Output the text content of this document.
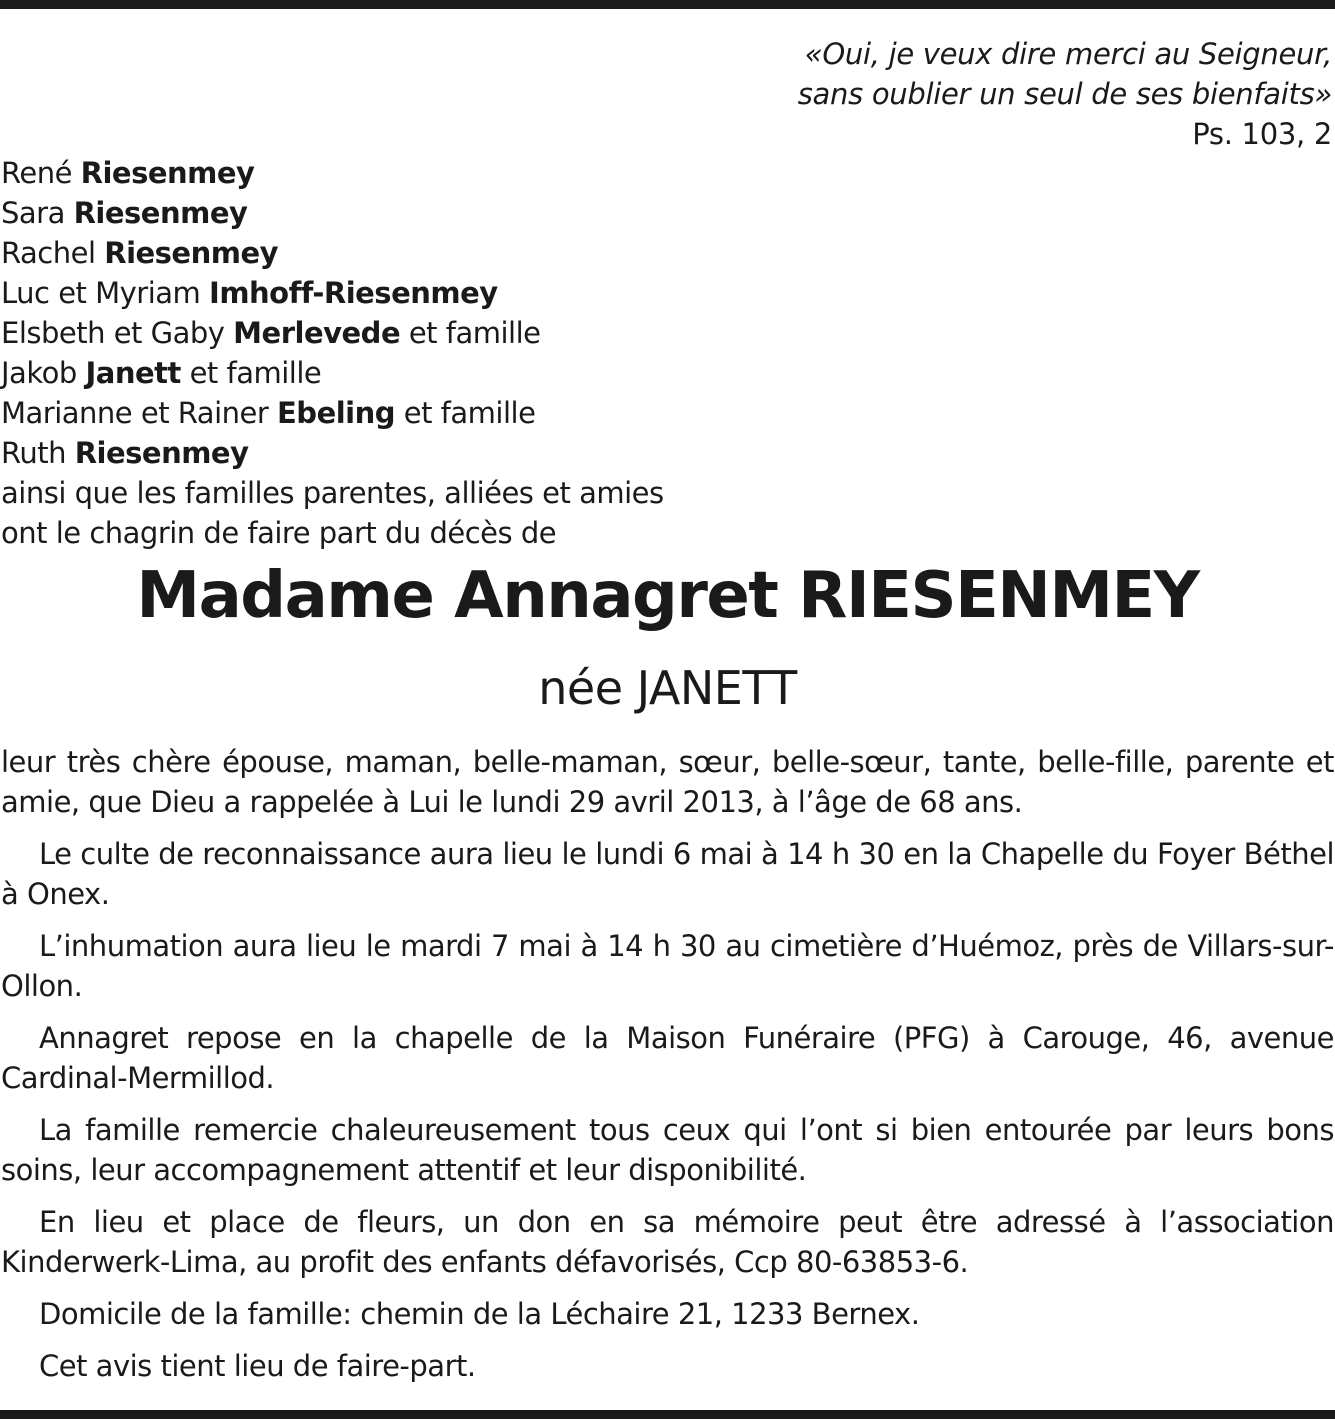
«Oui, je veux dire merci au Seigneur,
sans oublier un seul de ses bienfaits»
Ps. 103, 2
René Riesenmey
Sara Riesenmey
Rachel Riesenmey
Luc et Myriam Imhoff-Riesenmey
Elsbeth et Gaby Merlevede et famille
Jakob Janett et famille
Marianne et Rainer Ebeling et famille
Ruth Riesenmey
ainsi que les familles parentes, alliées et amies
ont le chagrin de faire part du décès de
Madame Annagret RIESENMEY
née JANETT

leur très chère épouse, maman, belle-maman, sœur, belle-sœur, tante, belle-fille, parente et amie, que Dieu a rappelée à Lui le lundi 29 avril 2013, à l’âge de 68 ans.

Le culte de reconnaissance aura lieu le lundi 6 mai à 14 h 30 en la Chapelle du Foyer Béthel à Onex.

L’inhumation aura lieu le mardi 7 mai à 14 h 30 au cimetière d’Huémoz, près de Villars-sur-Ollon.

Annagret repose en la chapelle de la Maison Funéraire (PFG) à Carouge, 46, avenue Cardinal-Mermillod.

La famille remercie chaleureusement tous ceux qui l’ont si bien entourée par leurs bons soins, leur accompagnement attentif et leur disponibilité.

En lieu et place de fleurs, un don en sa mémoire peut être adressé à l’association Kinderwerk-Lima, au profit des enfants défavorisés, Ccp 80-63853-6.

Domicile de la famille: chemin de la Léchaire 21, 1233 Bernex.

Cet avis tient lieu de faire-part.
